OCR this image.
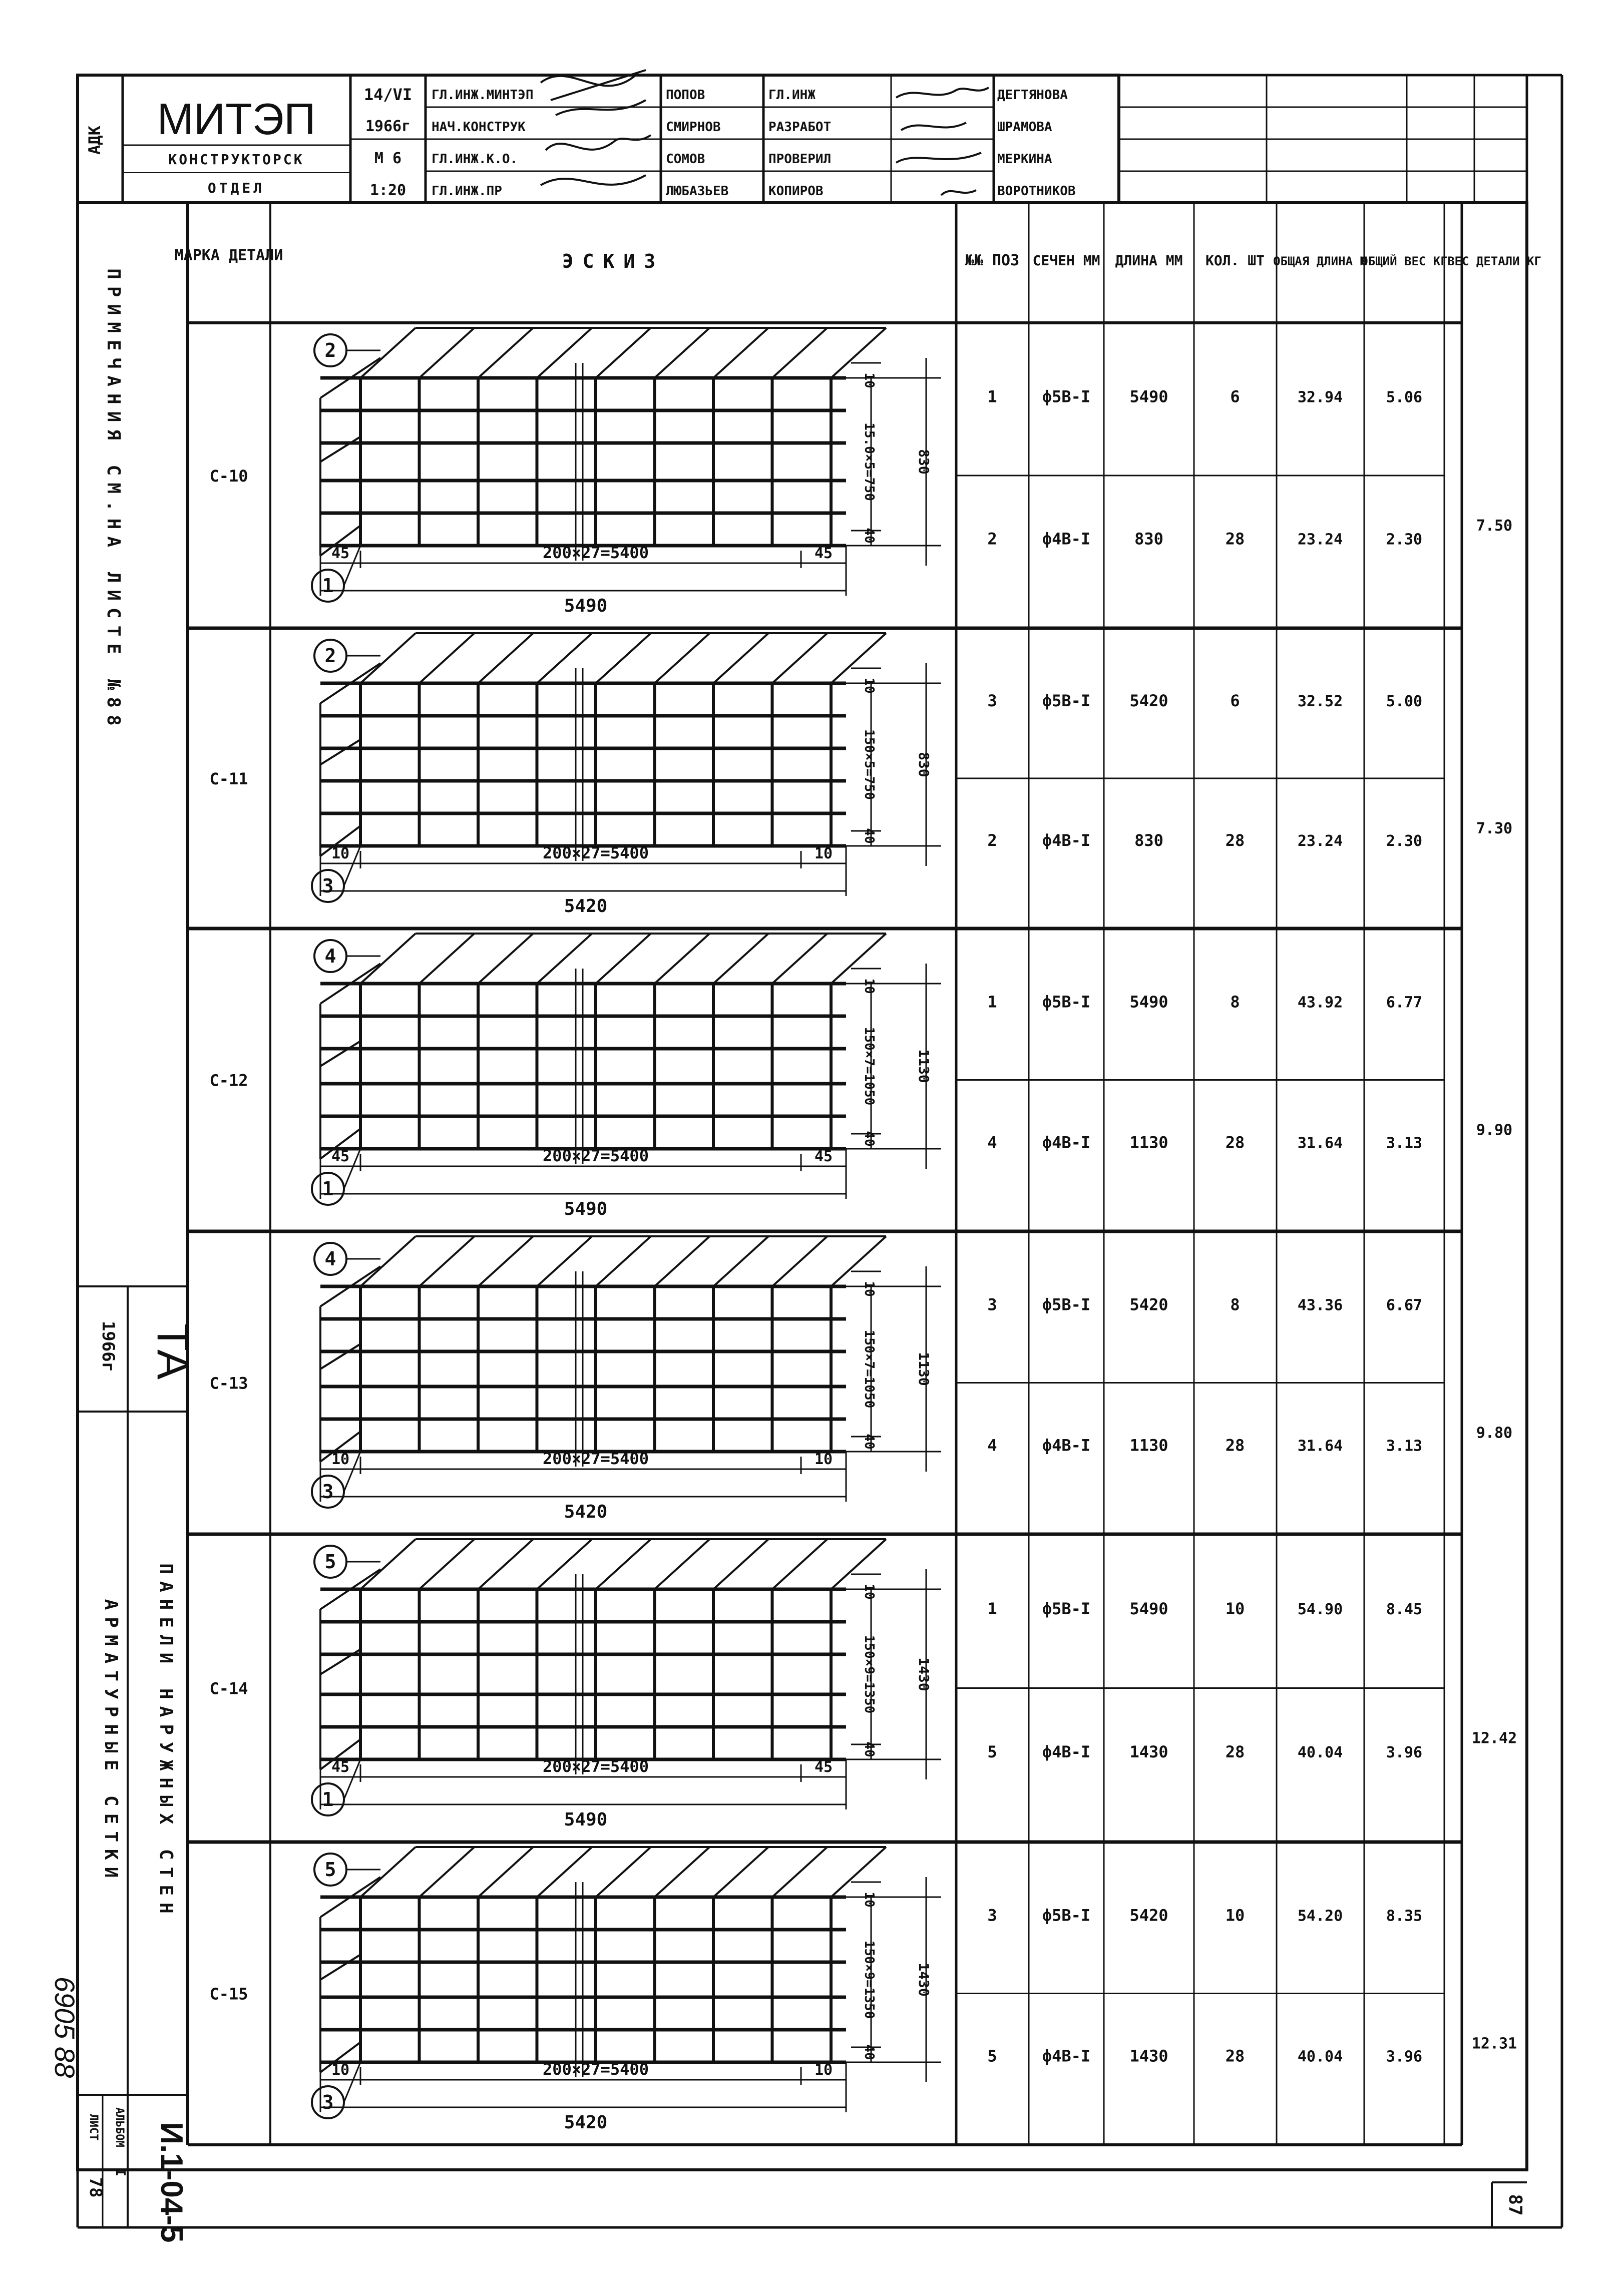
АДК МИТЭП
КОНСТРУКТОРСК
ОТДЕЛ
14/VI
1966г
М 6
1:20
ГЛ.ИНЖ.МИНТЭП
НАЧ.КОНСТРУК
ГЛ.ИНЖ.К.О.
ГЛ.ИНЖ.ПР
ПОПОВ
СМИРНОВ
СОМОВ
ЛЮБАЗЬЕВ
ГЛ.ИНЖ
РАЗРАБОТ
ПРОВЕРИЛ
КОПИРОВ
ДЕГТЯНОВА
ШРАМОВА
МЕРКИНА
ВОРОТНИКОВ
ПРИМЕЧАНИЯ СМ.НА ЛИСТЕ №88
АРМАТУРНЫЕ СЕТКИ ПАНЕЛИ НАРУЖНЫХ СТЕН
ТА
1966г
И.1-04-5
АЛЬБОМ
I
ЛИСТ
78
6905 88
87
МАРКА ДЕТАЛИ	ЭСКИЗ	№№ ПОЗ СЕЧЕН ММ ДЛИНА ММ КОЛ. ШТ ОБЩАЯ ДЛИНА М
ОБЩИЙ ВЕС КГ ВЕС ДЕТАЛИ КГ
С-10
1	ф5В-I 5490	6	32.94	5.06
2	ф4В-I	830	28	23.24	2.30
7.50
2
1
45	45
200×27=5400
5490
10
15.0×5=750
40
830
С-11
3	ф5В-I 5420	6	32.52	5.00
2	ф4В-I	830	28	23.24	2.30
7.30
2
3
10	10
200×27=5400
5420
10
150×5=750
40
830
С-12
1	ф5В-I 5490	8	43.92	6.77
4	ф4В-I 1130	28	31.64	3.13
9.90
4
1
45	45
200×27=5400
5490
10
150×7=1050
40
1130
С-13
3	ф5В-I 5420	8	43.36	6.67
4	ф4В-I 1130	28	31.64	3.13
9.80
4
3
10	10
200×27=5400
5420
10
150×7=1050
40
1130
С-14
1	ф5В-I 5490	10	54.90	8.45
5	ф4В-I 1430	28	40.04	3.96
12.42
5
1
45	45
200×27=5400
5490
10
150×9=1350
40
1430
С-15
3	ф5В-I 5420	10	54.20	8.35
5	ф4В-I 1430	28	40.04	3.96
12.31
5
3
10	10
200×27=5400
5420
10
150×9=1350
40
1430
